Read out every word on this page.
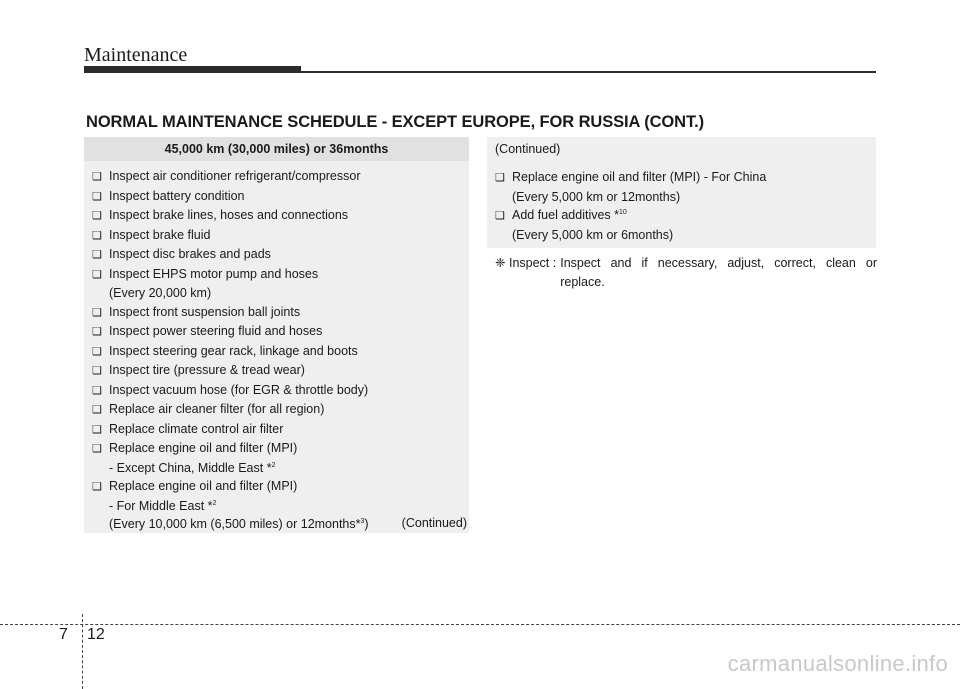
Maintenance
NORMAL MAINTENANCE SCHEDULE - EXCEPT EUROPE, FOR RUSSIA (CONT.)
45,000 km (30,000 miles) or 36months
❑ Inspect air conditioner refrigerant/compressor
❑ Inspect battery condition
❑ Inspect brake lines, hoses and connections
❑ Inspect brake fluid
❑ Inspect disc brakes and pads
❑ Inspect EHPS motor pump and hoses
(Every 20,000 km)
❑ Inspect front suspension ball joints
❑ Inspect power steering fluid and hoses
❑ Inspect steering gear rack, linkage and boots
❑ Inspect tire (pressure & tread wear)
❑ Inspect vacuum hose (for EGR & throttle body)
❑ Replace air cleaner filter (for all region)
❑ Replace climate control air filter
❑ Replace engine oil and filter (MPI)
- Except China, Middle East *$^2$
❑ Replace engine oil and filter (MPI)
- For Middle East *$^2$
(Every 10,000 km (6,500 miles) or 12months*$^3$)	(Continued)
(Continued)
❑ Replace engine oil and filter (MPI) - For China
(Every 5,000 km or 12months)
❑ Add fuel additives *$^{10}$
(Every 5,000 km or 6months)
❈ Inspect : Inspect and if necessary, adjust, correct, clean or replace.
7 12
carmanualsonline.info
